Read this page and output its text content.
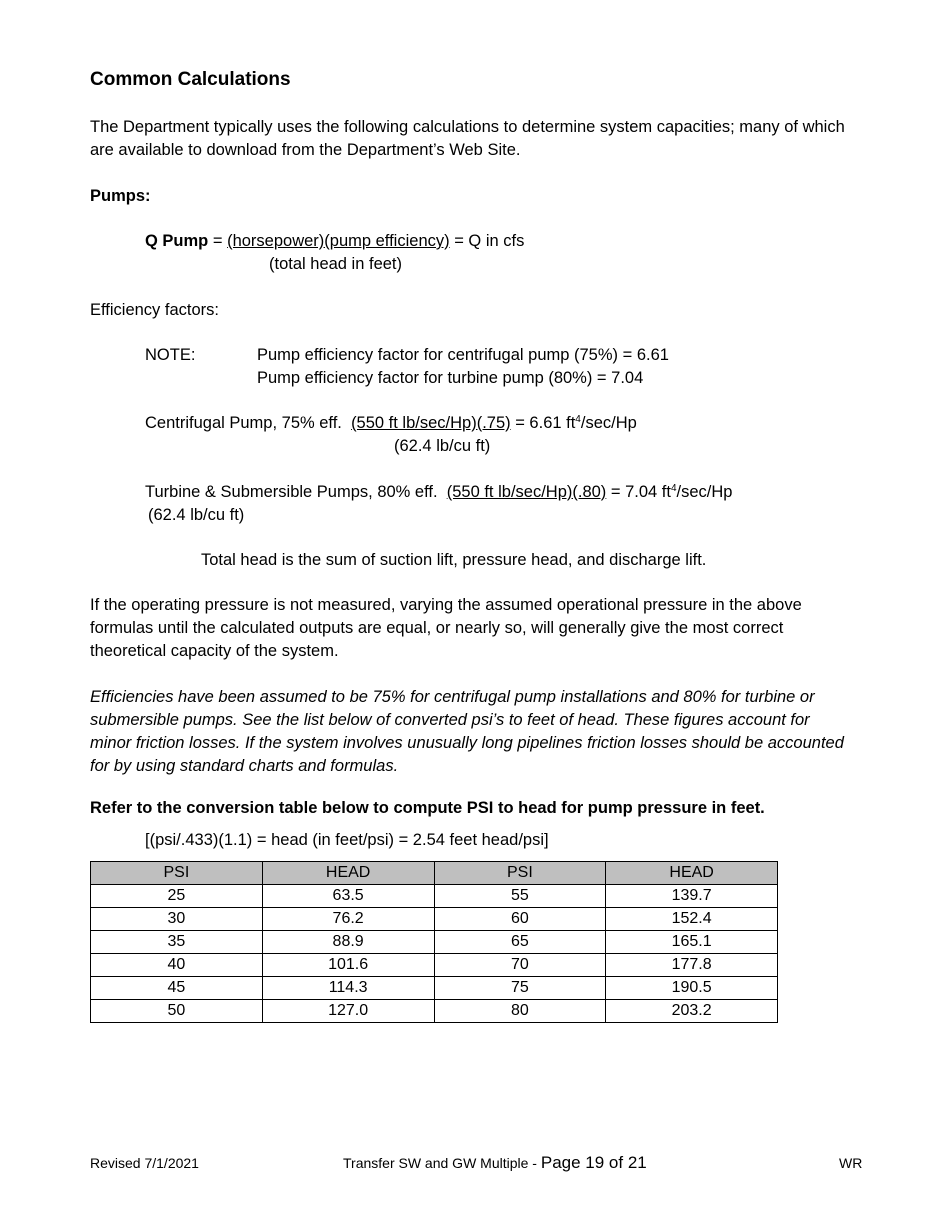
Common Calculations

The Department typically uses the following calculations to determine system capacities; many of which are available to download from the Department’s Web Site.

Pumps:
Q Pump = (horsepower)(pump efficiency) = Q in cfs
(total head in feet)
Efficiency factors:
NOTE:	Pump efficiency factor for centrifugal pump (75%) = 6.61
Pump efficiency factor for turbine pump (80%) = 7.04
Centrifugal Pump, 75% eff.  (550 ft lb/sec/Hp)(.75) = 6.61 $ft^4/\sec/Hp$
(62.4 lb/cu ft)
Turbine & Submersible Pumps, 80% eff.  (550 ft lb/sec/Hp)(.80) = 7.04 $ft^4/\sec/Hp$
(62.4 lb/cu ft)
Total head is the sum of suction lift, pressure head, and discharge lift.

If the operating pressure is not measured, varying the assumed operational pressure in the above formulas until the calculated outputs are equal, or nearly so, will generally give the most correct theoretical capacity of the system.

Efficiencies have been assumed to be 75% for centrifugal pump installations and 80% for turbine or submersible pumps. See the list below of converted psi’s to feet of head. These figures account for minor friction losses. If the system involves unusually long pipelines friction losses should be accounted for by using standard charts and formulas.

Refer to the conversion table below to compute PSI to head for pump pressure in feet.
[(psi/.433)(1.1) = head (in feet/psi) = 2.54 feet head/psi]
PSI	HEAD	PSI	HEAD
25	63.5	55	139.7
30	76.2	60	152.4
35	88.9	65	165.1
40	101.6	70	177.8
45	114.3	75	190.5
50	127.0	80	203.2
Revised 7/1/2021	Transfer SW and GW Multiple - Page 19 of 21	WR
